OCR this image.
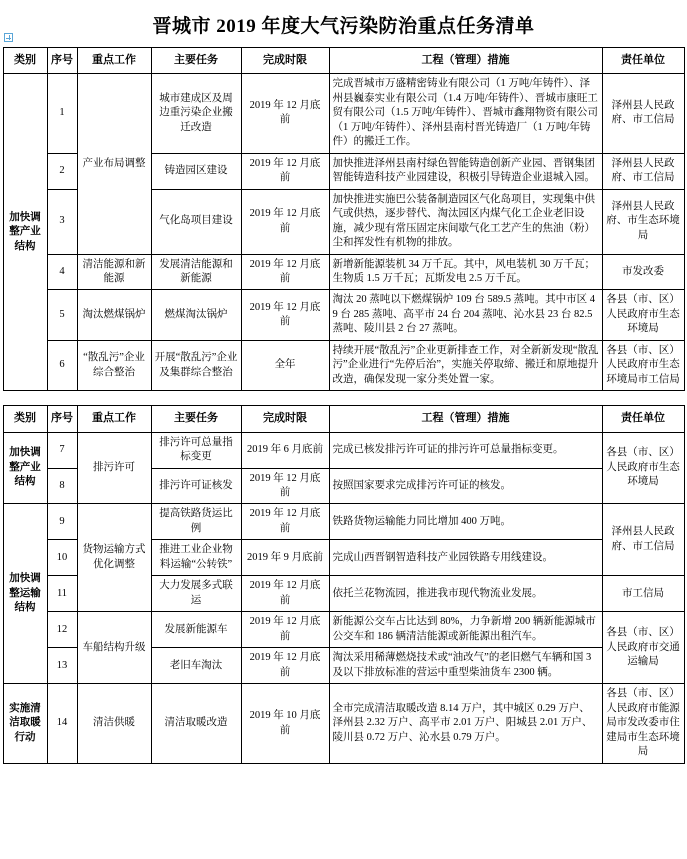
晋城市 2019 年度大气污染防治重点任务清单
类别	序号	重点工作	主要任务	完成时限	工程（管理）措施	责任单位
加快调整产业结构	1	产业布局调整	城市建成区及周边重污染企业搬迁改造	2019 年 12 月底前	完成晋城市万盛精密铸业有限公司（1 万吨/年铸件）、泽州县巍泰实业有限公司（1.4 万吨/年铸件）、晋城市康旺工贸有限公司（1.5 万吨/年铸件）、晋城市鑫翔物资有限公司（1 万吨/年铸件）、泽州县南村晋光铸造厂（1 万吨/年铸件）的搬迁工作。	泽州县人民政府、市工信局
	2		铸造园区建设	2019 年 12 月底前	加快推进泽州县南村绿色智能铸造创新产业园、晋钢集团智能铸造科技产业园建设，积极引导铸造企业退城入园。	泽州县人民政府、市工信局
	3		气化岛项目建设	2019 年 12 月底前	加快推进实施巴公装备制造园区气化岛项目，实现集中供气或供热，逐步替代、淘汰园区内煤气化工企业老旧设施，减少现有常压固定床间歇气化工艺产生的焦油（粉）尘和挥发性有机物的排放。	泽州县人民政府、市生态环境局
	4	清洁能源和新能源	发展清洁能源和新能源	2019 年 12 月底前	新增新能源装机 34 万千瓦。其中，风电装机 30 万千瓦；生物质 1.5 万千瓦；瓦斯发电 2.5 万千瓦。	市发改委
	5	淘汰燃煤锅炉	燃煤淘汰锅炉	2019 年 12 月底前	淘汰 20 蒸吨以下燃煤锅炉 109 台 589.5 蒸吨。其中市区 49 台 285 蒸吨、高平市 24 台 204 蒸吨、沁水县 23 台 82.5 蒸吨、陵川县 2 台 27 蒸吨。	各县（市、区）人民政府市生态环境局
	6	“散乱污”企业综合整治	开展“散乱污”企业及集群综合整治	全年	持续开展“散乱污”企业更新排查工作，对全新新发现“散乱污”企业进行“先停后治”，实施关停取缔、搬迁和原地提升改造，确保发现一家分类处置一家。	各县（市、区）人民政府市生态环境局市工信局
类别	序号	重点工作	主要任务	完成时限	工程（管理）措施	责任单位
加快调整产业结构	7	排污许可	排污许可总量指标变更	2019 年 6 月底前	完成已核发排污许可证的排污许可总量指标变更。	各县（市、区）人民政府市生态环境局
	8		排污许可证核发	2019 年 12 月底前	按照国家要求完成排污许可证的核发。	
加快调整运输结构	9	货物运输方式优化调整	提高铁路货运比例	2019 年 12 月底前	铁路货物运输能力同比增加 400 万吨。	泽州县人民政府、市工信局
	10		推进工业企业物料运输“公转铁”	2019 年 9 月底前	完成山西晋钢智造科技产业园铁路专用线建设。	
	11		大力发展多式联运	2019 年 12 月底前	依托兰花物流园，推进我市现代物流业发展。	市工信局
	12	车船结构升级	发展新能源车	2019 年 12 月底前	新能源公交车占比达到 80%，力争新增 200 辆新能源城市公交车和 186 辆清洁能源或新能源出租汽车。	各县（市、区）人民政府市交通运输局
	13		老旧车淘汰	2019 年 12 月底前	淘汰采用稀薄燃烧技术或“油改气”的老旧燃气车辆和国 3 及以下排放标准的营运中重型柴油货车 2300 辆。	
实施清洁取暖行动	14	清洁供暖	清洁取暖改造	2019 年 10 月底前	全市完成清洁取暖改造 8.14 万户，其中城区 0.29 万户、泽州县 2.32 万户、高平市 2.01 万户、阳城县 2.01 万户、陵川县 0.72 万户、沁水县 0.79 万户。	各县（市、区）人民政府市能源局市发改委市住建局市生态环境局
